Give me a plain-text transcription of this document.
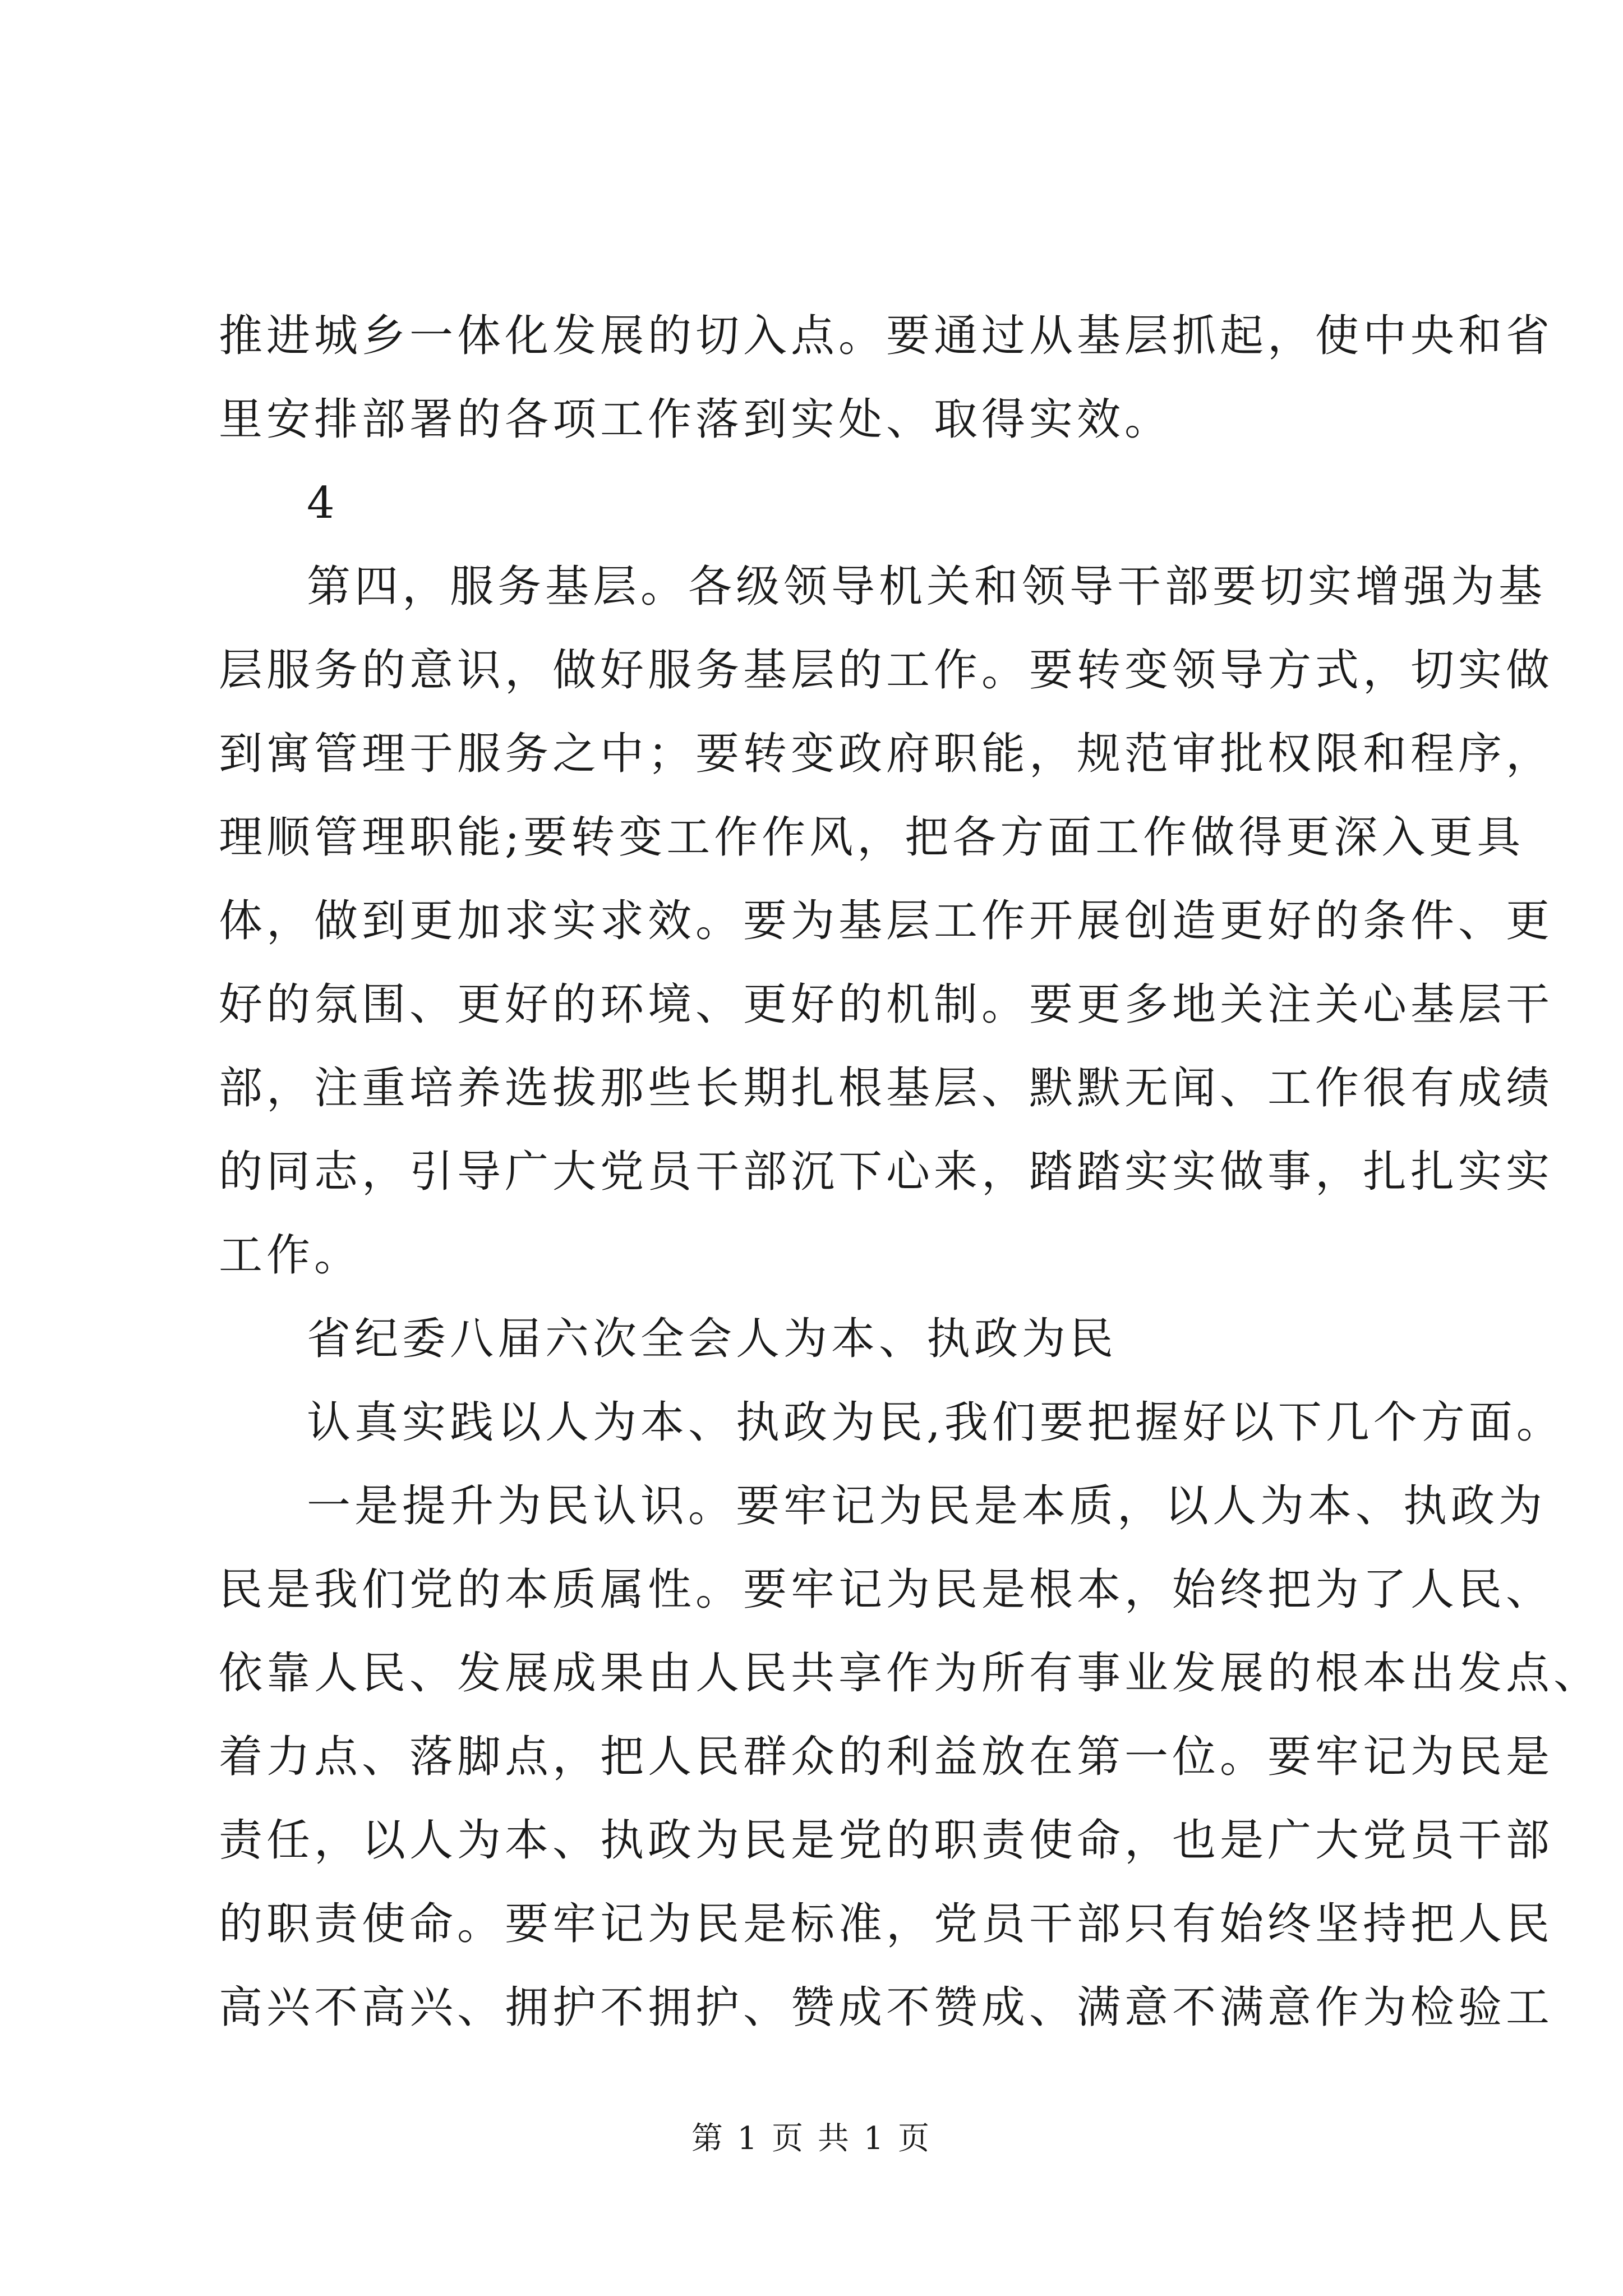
推进城乡一体化发展的切入点。要通过从基层抓起，使中央和省
里安排部署的各项工作落到实处、取得实效。
4
第四，服务基层。各级领导机关和领导干部要切实增强为基
层服务的意识，做好服务基层的工作。要转变领导方式，切实做
到寓管理于服务之中；要转变政府职能，规范审批权限和程序，
理顺管理职能;要转变工作作风，把各方面工作做得更深入更具
体，做到更加求实求效。要为基层工作开展创造更好的条件、更
好的氛围、更好的环境、更好的机制。要更多地关注关心基层干
部，注重培养选拔那些长期扎根基层、默默无闻、工作很有成绩
的同志，引导广大党员干部沉下心来，踏踏实实做事，扎扎实实
工作。
省纪委八届六次全会人为本、执政为民
认真实践以人为本、执政为民,我们要把握好以下几个方面。
一是提升为民认识。要牢记为民是本质，以人为本、执政为
民是我们党的本质属性。要牢记为民是根本，始终把为了人民、
依靠人民、发展成果由人民共享作为所有事业发展的根本出发点、
着力点、落脚点，把人民群众的利益放在第一位。要牢记为民是
责任，以人为本、执政为民是党的职责使命，也是广大党员干部
的职责使命。要牢记为民是标准，党员干部只有始终坚持把人民
高兴不高兴、拥护不拥护、赞成不赞成、满意不满意作为检验工
第 1 页 共 1 页
